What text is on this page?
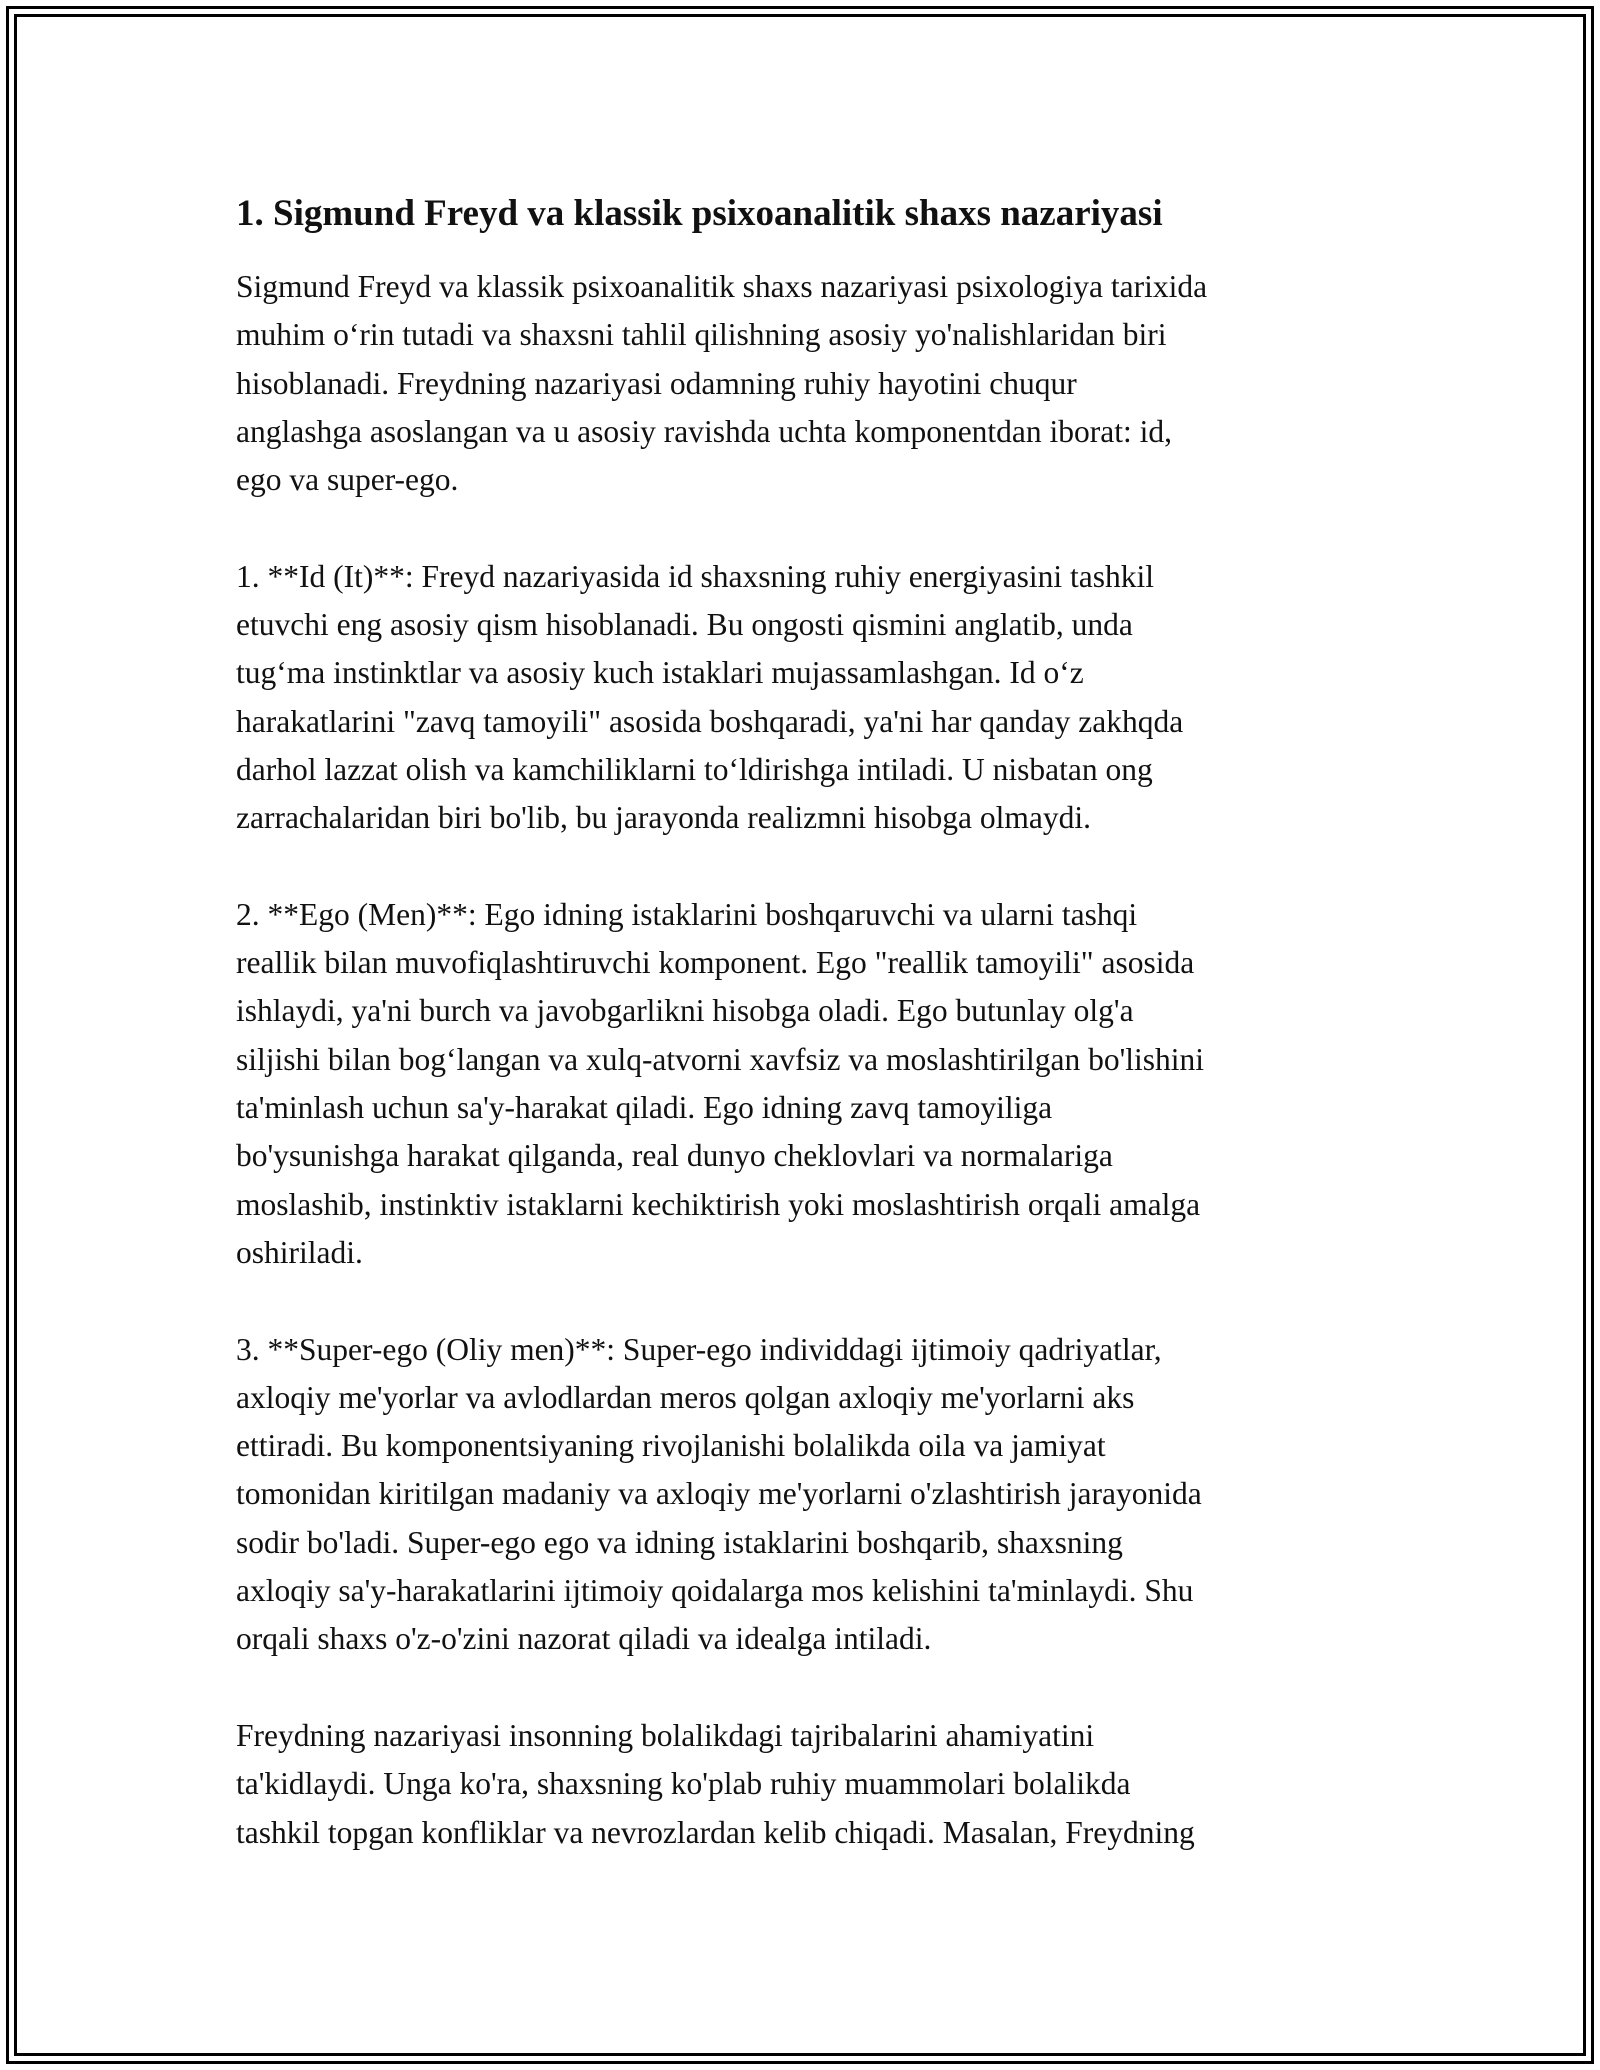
1. Sigmund Freyd va klassik psixoanalitik shaxs nazariyasi
Sigmund Freyd va klassik psixoanalitik shaxs nazariyasi psixologiya tarixida
muhim o‘rin tutadi va shaxsni tahlil qilishning asosiy yo'nalishlaridan biri
hisoblanadi. Freydning nazariyasi odamning ruhiy hayotini chuqur
anglashga asoslangan va u asosiy ravishda uchta komponentdan iborat: id,
ego va super-ego.
1. **Id (It)**: Freyd nazariyasida id shaxsning ruhiy energiyasini tashkil
etuvchi eng asosiy qism hisoblanadi. Bu ongosti qismini anglatib, unda
tug‘ma instinktlar va asosiy kuch istaklari mujassamlashgan. Id o‘z
harakatlarini "zavq tamoyili" asosida boshqaradi, ya'ni har qanday zakhqda
darhol lazzat olish va kamchiliklarni to‘ldirishga intiladi. U nisbatan ong
zarrachalaridan biri bo'lib, bu jarayonda realizmni hisobga olmaydi.
2. **Ego (Men)**: Ego idning istaklarini boshqaruvchi va ularni tashqi
reallik bilan muvofiqlashtiruvchi komponent. Ego "reallik tamoyili" asosida
ishlaydi, ya'ni burch va javobgarlikni hisobga oladi. Ego butunlay olg'a
siljishi bilan bog‘langan va xulq-atvorni xavfsiz va moslashtirilgan bo'lishini
ta'minlash uchun sa'y-harakat qiladi. Ego idning zavq tamoyiliga
bo'ysunishga harakat qilganda, real dunyo cheklovlari va normalariga
moslashib, instinktiv istaklarni kechiktirish yoki moslashtirish orqali amalga
oshiriladi.
3. **Super-ego (Oliy men)**: Super-ego individdagi ijtimoiy qadriyatlar,
axloqiy me'yorlar va avlodlardan meros qolgan axloqiy me'yorlarni aks
ettiradi. Bu komponentsiyaning rivojlanishi bolalikda oila va jamiyat
tomonidan kiritilgan madaniy va axloqiy me'yorlarni o'zlashtirish jarayonida
sodir bo'ladi. Super-ego ego va idning istaklarini boshqarib, shaxsning
axloqiy sa'y-harakatlarini ijtimoiy qoidalarga mos kelishini ta'minlaydi. Shu
orqali shaxs o'z-o'zini nazorat qiladi va idealga intiladi.
Freydning nazariyasi insonning bolalikdagi tajribalarini ahamiyatini
ta'kidlaydi. Unga ko'ra, shaxsning ko'plab ruhiy muammolari bolalikda
tashkil topgan konfliklar va nevrozlardan kelib chiqadi. Masalan, Freydning
